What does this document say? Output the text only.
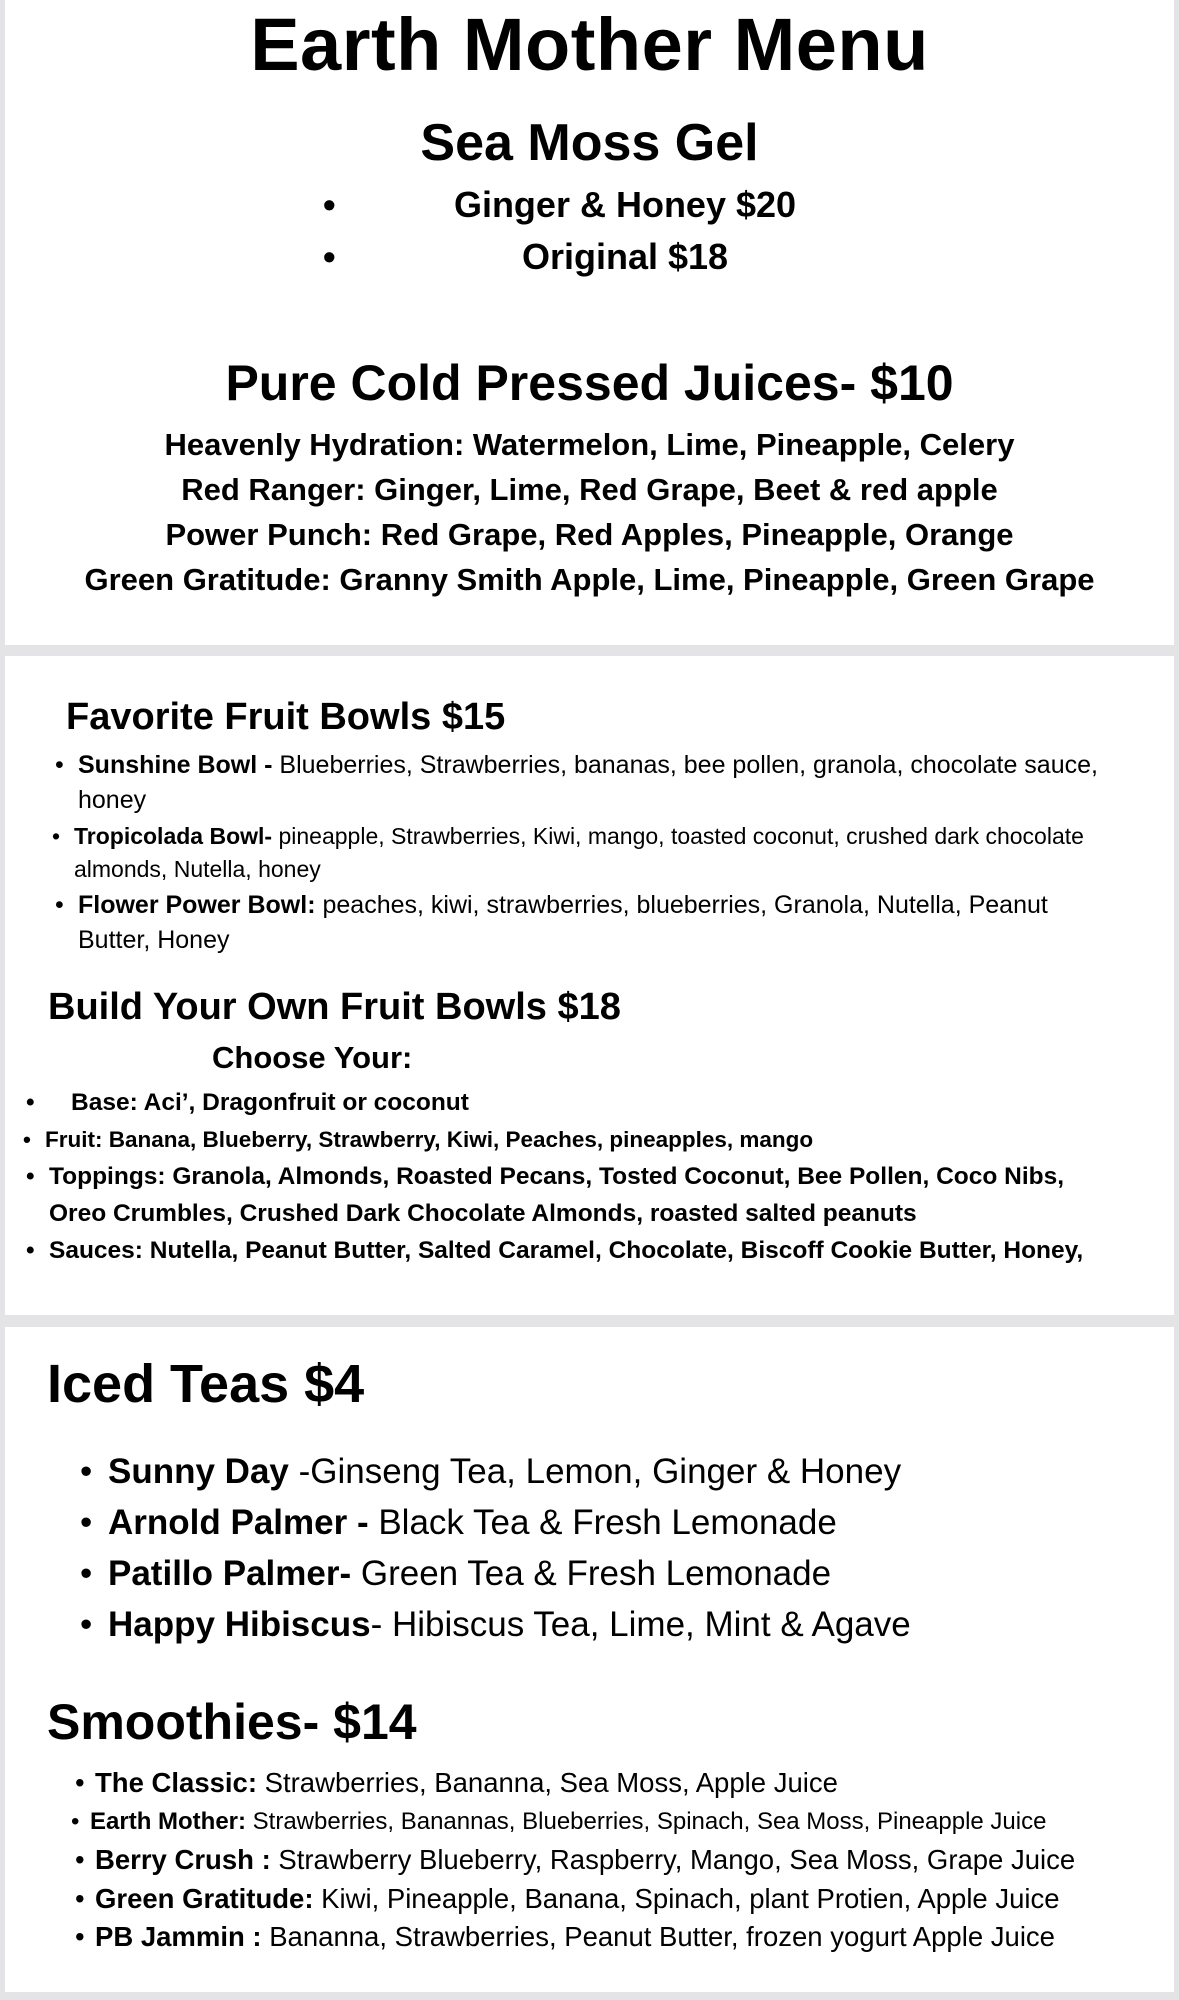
Earth Mother Menu
Sea Moss Gel
•	Ginger & Honey $20
•	Original $18
Pure Cold Pressed Juices- $10
Heavenly Hydration: Watermelon, Lime, Pineapple, Celery
Red Ranger: Ginger, Lime, Red Grape, Beet & red apple
Power Punch: Red Grape, Red Apples, Pineapple, Orange
Green Gratitude: Granny Smith Apple, Lime, Pineapple, Green Grape
Favorite Fruit Bowls $15
• Sunshine Bowl - Blueberries, Strawberries, bananas, bee pollen, granola, chocolate sauce, honey
• Tropicolada Bowl- pineapple, Strawberries, Kiwi, mango, toasted coconut, crushed dark chocolate almonds, Nutella, honey
• Flower Power Bowl: peaches, kiwi, strawberries, blueberries, Granola, Nutella, Peanut Butter, Honey
Build Your Own Fruit Bowls $18
Choose Your:
• Base: Aci’, Dragonfruit or coconut
• Fruit: Banana, Blueberry, Strawberry, Kiwi, Peaches, pineapples, mango
• Toppings: Granola, Almonds, Roasted Pecans, Tosted Coconut, Bee Pollen, Coco Nibs, Oreo Crumbles, Crushed Dark Chocolate Almonds, roasted salted peanuts
• Sauces: Nutella, Peanut Butter, Salted Caramel, Chocolate, Biscoff Cookie Butter, Honey,
Iced Teas $4
• Sunny Day -Ginseng Tea, Lemon, Ginger & Honey
• Arnold Palmer - Black Tea & Fresh Lemonade
• Patillo Palmer- Green Tea & Fresh Lemonade
• Happy Hibiscus- Hibiscus Tea, Lime, Mint & Agave
Smoothies- $14
• The Classic: Strawberries, Bananna, Sea Moss, Apple Juice
• Earth Mother: Strawberries, Banannas, Blueberries, Spinach, Sea Moss, Pineapple Juice
• Berry Crush : Strawberry Blueberry, Raspberry, Mango, Sea Moss, Grape Juice
• Green Gratitude: Kiwi, Pineapple, Banana, Spinach, plant Protien, Apple Juice
• PB Jammin : Bananna, Strawberries, Peanut Butter, frozen yogurt Apple Juice
